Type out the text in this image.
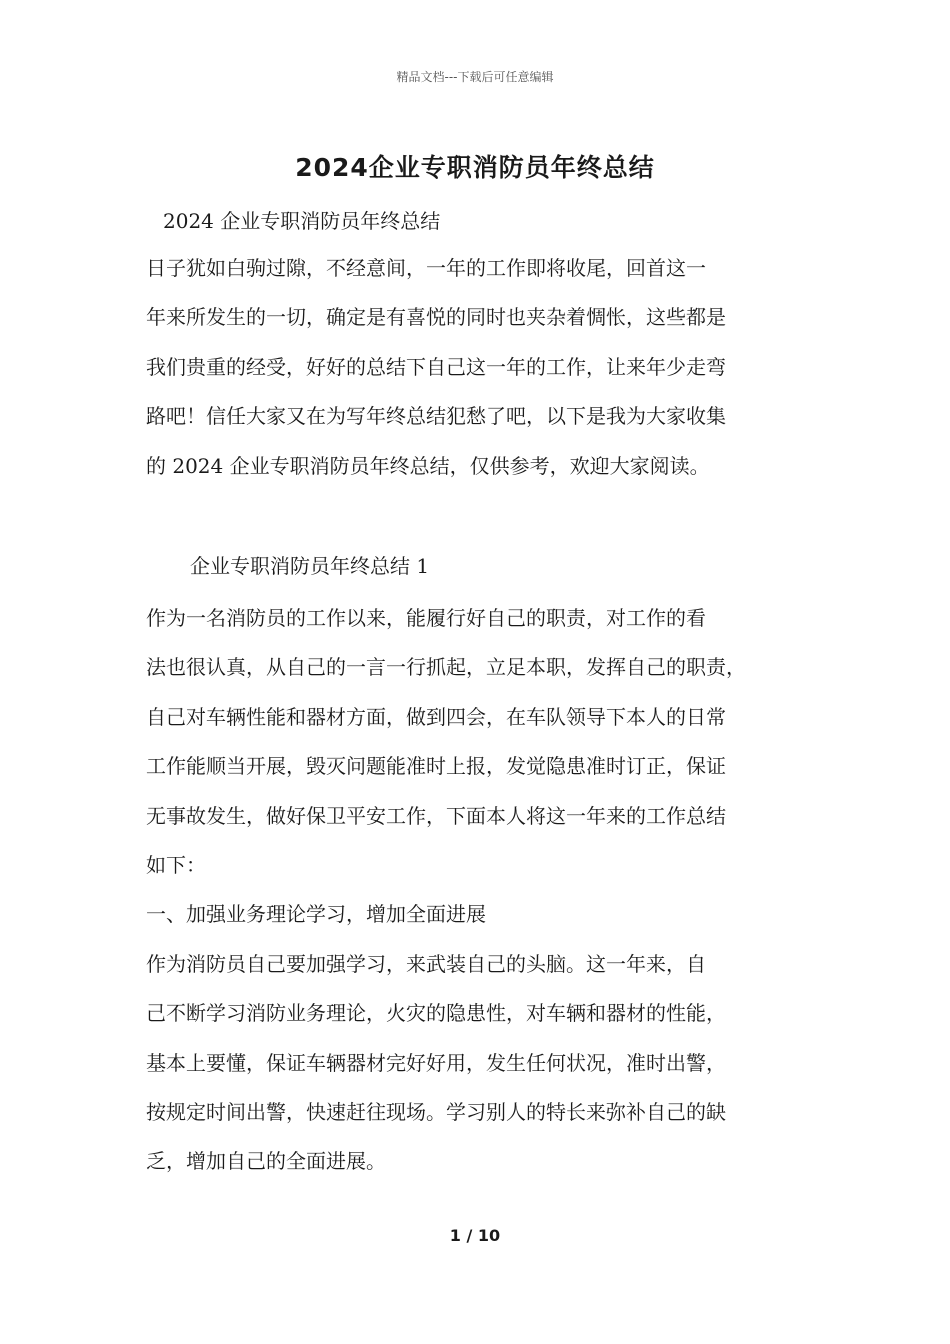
精品文档---下载后可任意编辑
2024企业专职消防员年终总结
2024 企业专职消防员年终总结
日子犹如白驹过隙，不经意间，一年的工作即将收尾，回首这一
年来所发生的一切，确定是有喜悦的同时也夹杂着惆怅，这些都是
我们贵重的经受，好好的总结下自己这一年的工作，让来年少走弯
路吧！信任大家又在为写年终总结犯愁了吧，以下是我为大家收集
的 2024 企业专职消防员年终总结，仅供参考，欢迎大家阅读。
企业专职消防员年终总结 1
作为一名消防员的工作以来，能履行好自己的职责，对工作的看
法也很认真，从自己的一言一行抓起，立足本职，发挥自己的职责，
自己对车辆性能和器材方面，做到四会，在车队领导下本人的日常
工作能顺当开展，毁灭问题能准时上报，发觉隐患准时订正，保证
无事故发生，做好保卫平安工作，下面本人将这一年来的工作总结
如下：
一、加强业务理论学习，增加全面进展
作为消防员自己要加强学习，来武装自己的头脑。这一年来，自
己不断学习消防业务理论，火灾的隐患性，对车辆和器材的性能，
基本上要懂，保证车辆器材完好好用，发生任何状况，准时出警，
按规定时间出警，快速赶往现场。学习别人的特长来弥补自己的缺
乏，增加自己的全面进展。
1 / 10
